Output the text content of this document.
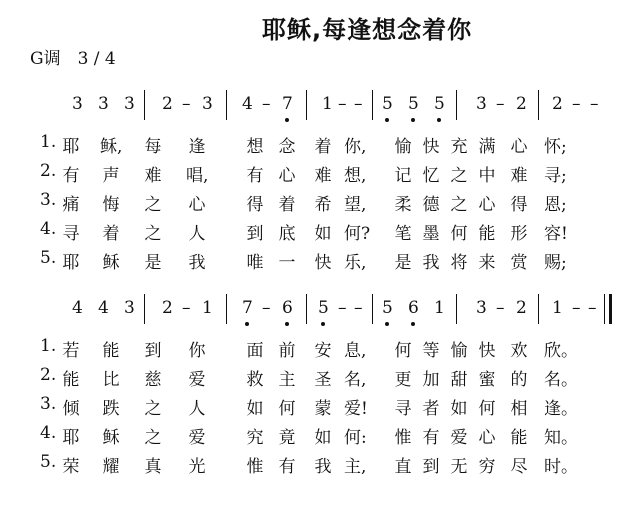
耶稣,每逢想念着你
G调　3 / 4
3 3 3 2 – 3 4 – 7 1 – – 5 5 5 3 – 2 2 – –
1. 耶 稣, 每 逢 想 念 着 你, 愉 快 充 满 心 怀;
2. 有 声 难 唱, 有 心 难 想, 记 忆 之 中 难 寻;
3. 痛 悔 之 心 得 着 希 望, 柔 德 之 心 得 恩;
4. 寻 着 之 人 到 底 如 何? 笔 墨 何 能 形 容!
5. 耶 稣 是 我 唯 一 快 乐, 是 我 将 来 赏 赐;
4 4 3 2 – 1 7 – 6 5 – – 5 6 1 3 – 2 1 – –
1. 若 能 到 你 面 前 安 息, 何 等 愉 快 欢 欣。
2. 能 比 慈 爱 救 主 圣 名, 更 加 甜 蜜 的 名。
3. 倾 跌 之 人 如 何 蒙 爱! 寻 者 如 何 相 逢。
4. 耶 稣 之 爱 究 竟 如 何: 惟 有 爱 心 能 知。
5. 荣 耀 真 光 惟 有 我 主, 直 到 无 穷 尽 时。
